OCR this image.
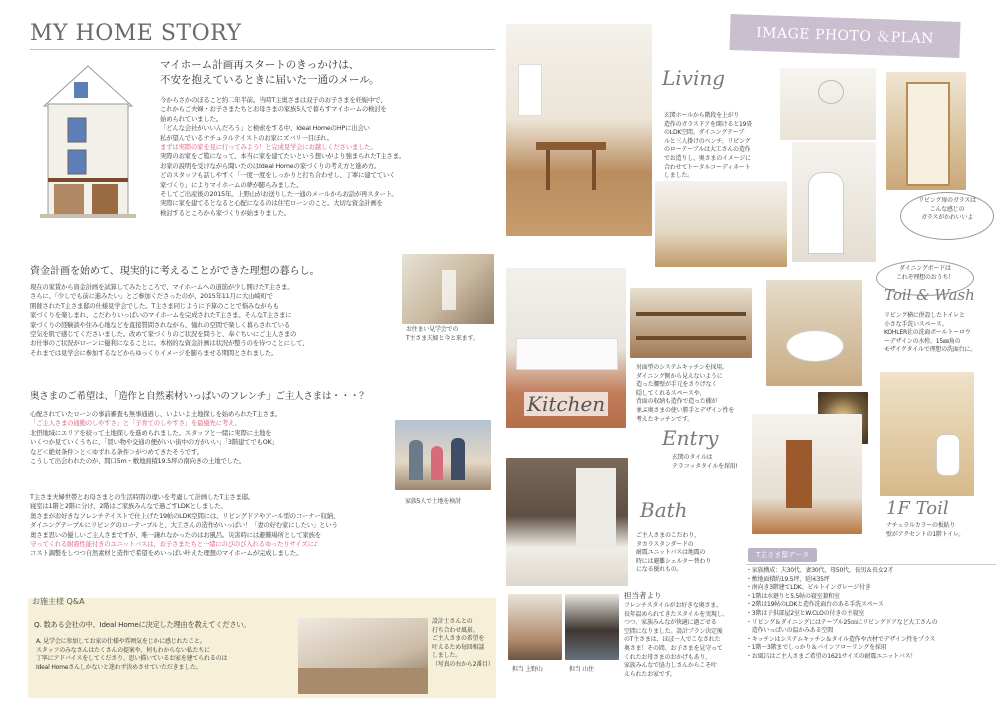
MY HOME STORY
マイホーム計画再スタートのきっかけは、
不安を抱えているときに届いた一通のメール。

今からさかのぼること約二年半前。当時T主奥さまは双子のお子さまを妊娠中で、

これからご夫婦・お子さまたちとお母さまの家族5人で暮らすマイホームの検討を

始められていました。

「どんな会社がいいんだろう」と検索をする中、Ideal HomeのHPに出会い

私が望んでいるナチュラルテイストのお家にズバリ一目ぼれ。

まずは実際の家を見に行ってみよう！と完成見学会にお越しくださいました。

実際のお家をご覧になって、本当に家を建てたいという想いがより強まられたT主さま。

お家の説明を受けながら聞いたのはIdeal Homeの家づくりの考え方と進め方。

どのスタッフも話しやすく「一度一度をしっかりと打ち合わせし、丁寧に建てていく

家づくり」によりマイホームの夢が膨らみました。

そしてご出産後の2015年。上野山がお送りした一通のメールからお話が再スタート。

実際に家を建てるとなると心配になるのは住宅ローンのこと。大切な資金計画を

検討するところから家づくりが始まりました。

資金計画を始めて、現実的に考えることができた理想の暮らし。

現在の家賃から資金計画を試算してみたところで、マイホームへの道筋が少し開けたT主さま。

さらに、「少しでも前に進みたい」とご参加くださったのが、2015年11月に大山崎町で

開催されたT主さま邸の仕様見学会でした。T主さま同じように予算のことで悩みながらも

家づくりを楽しまれ、こだわりいっぱいのマイホームを完成されたT主さま。そんなT主さまに

家づくりの経験談や住み心地などを直接質問されながら、憧れの空間で楽しく暮らされている

空気を肌で感じてくださいました。改めて家づくりのご状況を問うと、奉ぐちいにご主人さまの

お仕事のご状況がローンに優利になることに。本格的な資金計画は状況が整うのを待つことにして、

それまでは見学会に参加するなどからゆっくりイメージを膨らませる期間とされました。

お住まい見学会での
T主さま夫婦と今と来ます。
奥さまのご希望は、「造作と自然素材いっぱいのフレンチ」ご主人さまは・・・？

心配されていたローンの事前審査も無事通過し、いよいよ土地探しを始められたT主さま。

「ご主人さまの通勤のしやすさ」と「子育てのしやすさ」を最優先に考え、

北摂地域にエリアを絞って土地探しを進められました。スタッフと一緒に実際に土地を

いくつか見ていくうちに、「買い物や交通の便がいい街中の方がいい」「3階建てでもOK」

など＜絶対条件＞と＜ゆずれる条件＞がつめてきたそうです。

こうして出会われたのが、間口5m・敷地面積19.5坪の南向きの土地でした。

家族5人で土地を検討

T主さま夫婦世帯とお母さまとの生活時間の違いを考慮して計画したT主さま邸。

寝室は1階と2階に分け、2階はご家族みんなで過ごすLDKとしました。

奥さまがお好きなフレンチテイストで仕上げた19帖のLDK空間には、リビングドアやアール型のコーナー収納、

ダイニングテーブルにリビングのローテーブルと、大工さんの造作がいっぱい！「妻の好む家にしたい」という

奥さま思いの優しいご主人さまですが、唯一譲れなかったのはお風呂。災害時には避難場所として家族を

守ってくれる耐震性能付きのユニットバスは、お子さまたちと一緒にのびのび入れるゆったりサイズに♪

コスト調整をしつつ自然素材と造作で希望をめいっぱい叶えた理想のマイホームが完成しました。

お施主様 Q&A
Q. 数ある会社の中、Ideal Homeに決定した理由を教えてください。

A. 見学会に参加してお家の仕様や雰囲気をじかに感じれたこと。

スタッフのみなさんはたくさんの提案や、何もわからない私たちに

丁寧にアドバイスをしてくださり、思い描いているお家を建てられるのは

Ideal Homeさんしかないと迷わず決めさせていただきました。

設計士さんとの
打ち合わせ風景。
ご主人さまの希望を
叶えるため毎回相談
しました。
（写真の右から2番目）
IMAGE PHOTO ＆PLAN
Living

玄関ホールから階段を上がり

造作のガラスドアを開けると19畳

のLDK空間。ダイニングテーブ

ルと三人掛けのベンチ、リビング

のローテーブルは大工さんの造作

でお造りし、奥さまのイメージに

合わせてトータルコーディネート

しました。

リビング扉のガラスは
こんな感じの
ガラスがかわいいよ
ダイニングボードは
これぞ理想のおうち！
Kitchen

対面型のシステムキッチンを採用。

ダイニング側から見えないように

造った腰壁が手元をさりげなく

隠してくれるスペースや、

背面の収納も造作で造った棚が

並ぶ奥さまの使い勝手とデザイン性を

考えたキッチンです。

Toil & Wash

リビング横に併設したトイレと

小さな手洗いスペース。

KOHLER社の洗面ボールトーロウ

ーデザインの水栓、15㎜角の

モザイクタイルで理想の洗面台に。

Entry
玄関のタイルは
テラコッタタイルを採用!
1F Toil

ナチュラルカラーの板貼り

壁がアクセントの1階トイレ。

Bath

ご主人さまのこだわり、

タカラスタンダードの

耐震ユニットバスは地震の

時には避難シェルター替わり

になる優れもの。

担当 上野山	担当 山住
担当者より

フレンチスタイルがお好きな奥さま。

長年温められてきたスタイルを実現し、

つつ、家族みんなが快適に過ごせる

空間になりました。設計プラン決定後

のT主さまは、ほぼ一人でこなされた

奥さま！その間、お子さまを見守って

くれたお母さまのおかげもあり、

家族みんなで協力しさんからこそ叶

えられたお家です。

T主さま邸データ

・家族構成：夫30代、妻30代、母50代、長男＆長女2才

・敷地面積約19.5坪、延床35坪

・南向き3階建てLDK、ビルトインガレージ付き

・1階は水廻りと5.5帖の寝室兼和室

・2階は19帖のLDKと造作洗面台のある手洗スペース

・3階は子供部屋2室とW.CLOの付きの主寝室

・リビング＆ダイニングにはテーブル25㎝にリビングドアなど大工さんの

　造作いっぱいの温かみある空間

・キッチンはシステムキッチン＆タイル造作や古材でデザイン性をプラス

・1階〜3階までしっかり＆バインフローリングを採用

・お風呂はご主人さまご希望の1621サイズの耐震ユニットバス！
